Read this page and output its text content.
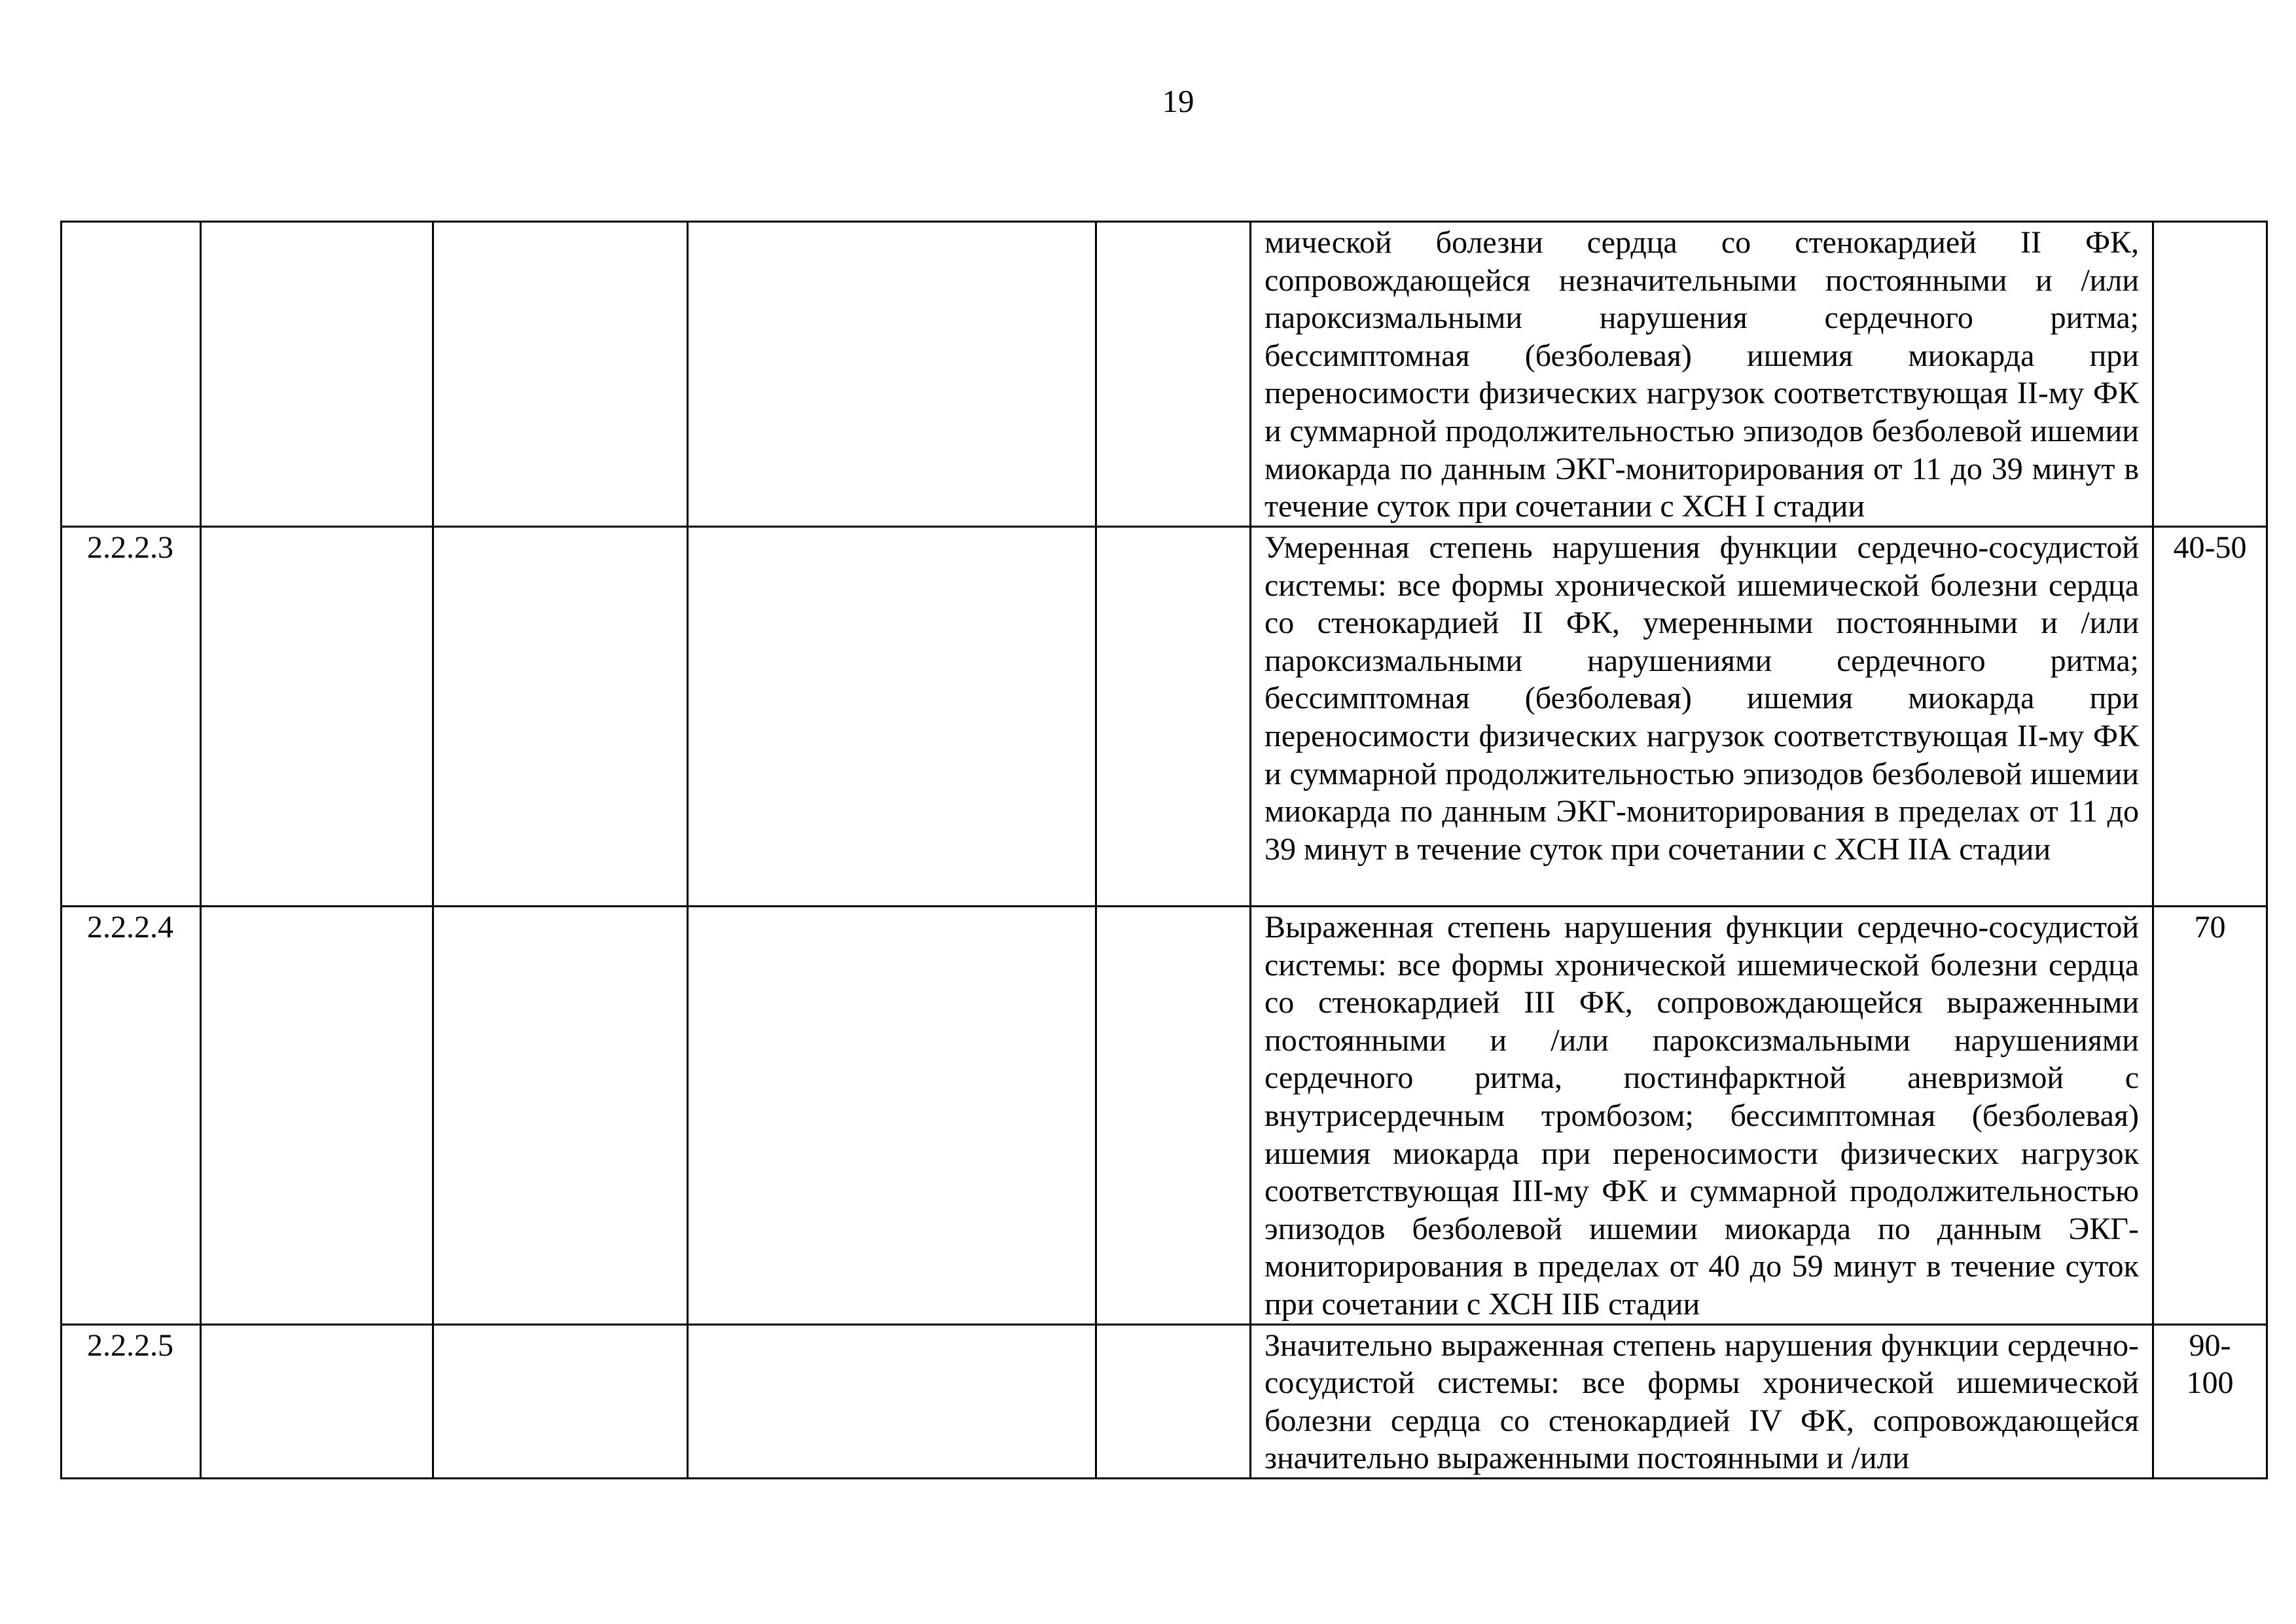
19

					мической болезни сердца со стенокардией II ФК, сопровождающейся незначительными постоянными и /или пароксизмальными нарушения сердечного ритма; бессимптомная (безболевая) ишемия миокарда при переносимости физических нагрузок соответствующая II-му ФК и суммарной продолжительностью эпизодов безболевой ишемии миокарда по данным ЭКГ-мониторирования от 11 до 39 минут в течение суток при сочетании с ХСН I стадии	

2.2.2.3					Умеренная степень нарушения функции сердечно-сосудистой системы: все формы хронической ишемической болезни сердца со стенокардией II ФК, умеренными постоянными и /или пароксизмальными нарушениями сердечного ритма; бессимптомная (безболевая) ишемия миокарда при переносимости физических нагрузок соответствующая II-му ФК и суммарной продолжительностью эпизодов безболевой ишемии миокарда по данным ЭКГ-мониторирования в пределах от 11 до 39 минут в течение суток при сочетании с ХСН IIА стадии	40-50
2.2.2.4					Выраженная степень нарушения функции сердечно-сосудистой системы: все формы хронической ишемической болезни сердца со стенокардией III ФК, сопровождающейся выраженными постоянными и /или пароксизмальными нарушениями сердечного ритма, постинфарктной аневризмой с внутрисердечным тромбозом; бессимптомная (безболевая) ишемия миокарда при переносимости физических нагрузок соответствующая III-му ФК и суммарной продолжительностью эпизодов безболевой ишемии миокарда по данным ЭКГ-мониторирования в пределах от 40 до 59 минут в течение суток при сочетании с ХСН IIБ стадии	70
2.2.2.5					Значительно выраженная степень нарушения функции сердечно-сосудистой системы: все формы хронической ишемической болезни сердца со стенокардией IV ФК, сопровождающейся значительно выраженными постоянными и /или	90-
100
